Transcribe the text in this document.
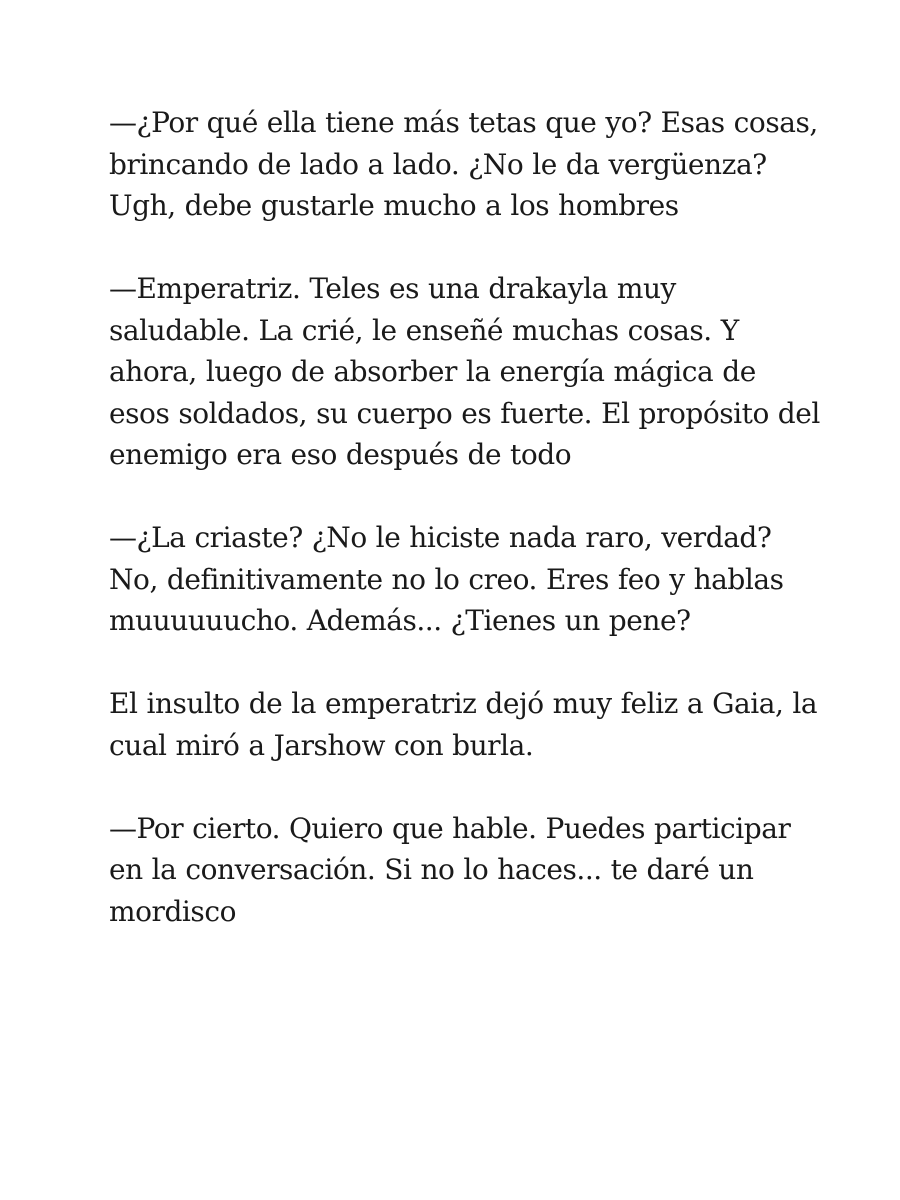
—¿Por qué ella tiene más tetas que yo? Esas cosas, brincando de lado a lado. ¿No le da vergüenza? Ugh, debe gustarle mucho a los hombres

—Emperatriz. Teles es una drakayla muy saludable. La crié, le enseñé muchas cosas. Y ahora, luego de absorber la energía mágica de esos soldados, su cuerpo es fuerte. El propósito del enemigo era eso después de todo

—¿La criaste? ¿No le hiciste nada raro, verdad? No, definitivamente no lo creo. Eres feo y hablas muuuuuucho. Además... ¿Tienes un pene?

El insulto de la emperatriz dejó muy feliz a Gaia, la cual miró a Jarshow con burla.

—Por cierto. Quiero que hable. Puedes participar en la conversación. Si no lo haces... te daré un mordisco
